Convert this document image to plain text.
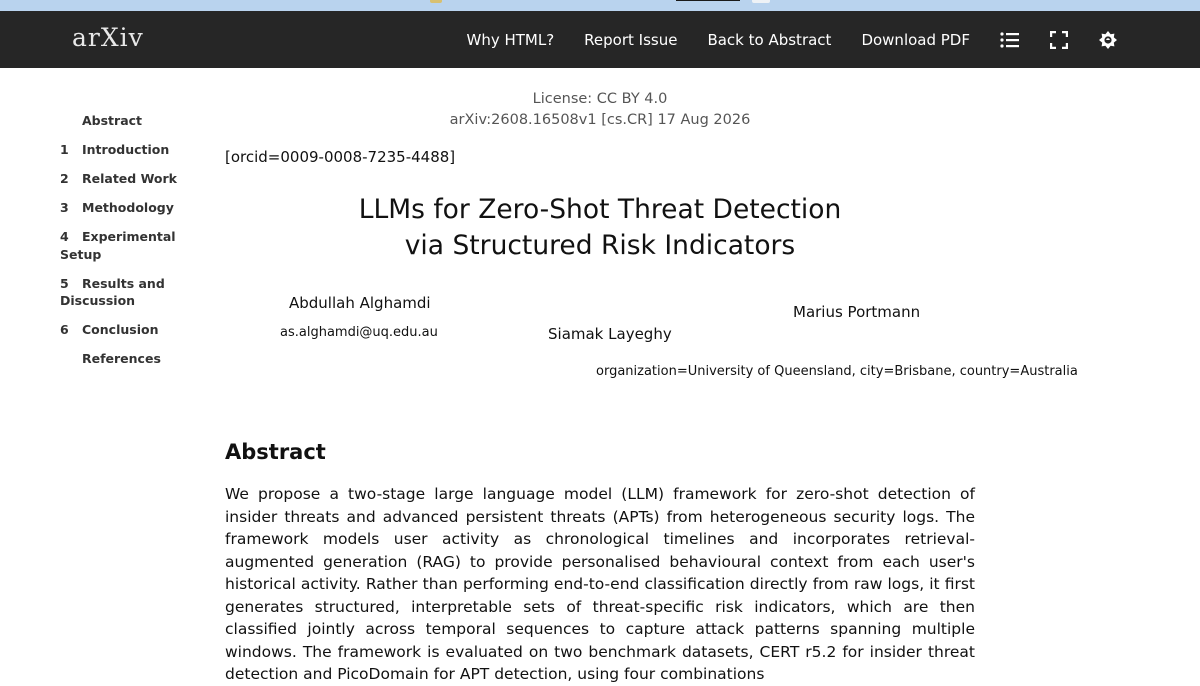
arXiv	Why HTML? Report Issue Back to Abstract Download PDF
Abstract
1	Introduction
2	Related Work
3	Methodology
4	Experimental Setup
5	Results and Discussion
6	Conclusion
References
License: CC BY 4.0
arXiv:2608.16508v1 [cs.CR] 17 Aug 2026
[orcid=0009-0008-7235-4488]
LLMs for Zero-Shot Threat Detection
via Structured Risk Indicators
Abdullah Alghamdi
as.alghamdi@uq.edu.au	Siamak Layeghy
Marius Portmann
organization=University of Queensland, city=Brisbane, country=Australia
Abstract

We propose a two-stage large language model (LLM) framework for zero-shot detection of insider threats and advanced persistent threats (APTs) from heterogeneous security logs. The framework models user activity as chronological timelines and incorporates retrieval-augmented generation (RAG) to provide personalised behavioural context from each user's historical activity. Rather than performing end-to-end classification directly from raw logs, it first generates structured, interpretable sets of threat-specific risk indicators, which are then classified jointly across temporal sequences to capture attack patterns spanning multiple windows. The framework is evaluated on two benchmark datasets, CERT r5.2 for insider threat detection and PicoDomain for APT detection, using four combinations
